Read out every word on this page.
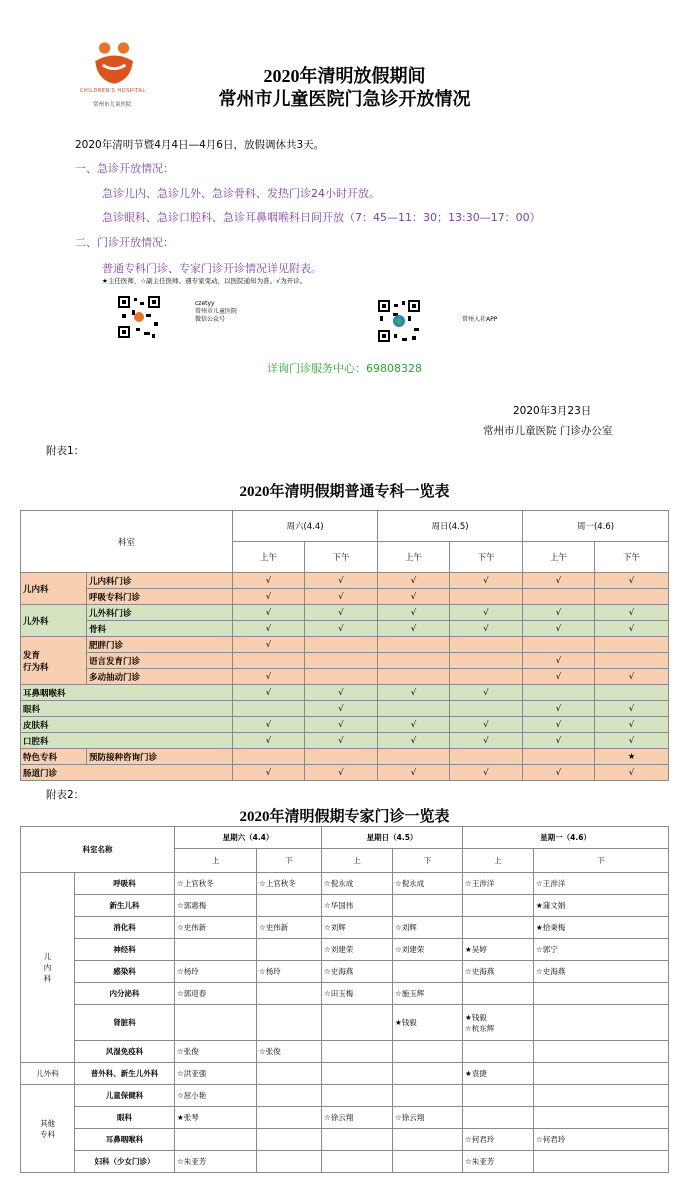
CHILDREN'S HOSPITAL
常州市儿童医院
2020年清明放假期间
常州市儿童医院门急诊开放情况
2020年清明节暨4月4日—4月6日，放假调休共3天。
一、急诊开放情况：
急诊儿内、急诊儿外、急诊骨科、发热门诊24小时开放。
急诊眼科、急诊口腔科、急诊耳鼻咽喉科日间开放（7：45—11：30；13:30—17：00）
二、门诊开放情况：
普通专科门诊、专家门诊开诊情况详见附表。
★主任医师，☆副主任医师。遇专家变动，以医院通知为准。√为开诊。
czetyy
常州市儿童医院
微信公众号	常州人社APP
详询门诊服务中心：69808328
2020年3月23日
常州市儿童医院 门诊办公室
附表1：
2020年清明假期普通专科一览表
科室		周六(4.4)		周日(4.5)		周一(4.6)	
		上午	下午	上午	下午	上午	下午
儿内科	儿内科门诊	√	√	√	√	√	√
	呼吸专科门诊	√	√	√			
儿外科	儿外科门诊	√	√	√	√	√	√
	骨科	√	√	√	√	√	√
发育
行为科	肥胖门诊	√					
	语言发育门诊					√	
	多动抽动门诊	√				√	√
耳鼻咽喉科		√	√	√	√		
眼科			√			√	√
皮肤科		√	√	√	√	√	√
口腔科		√	√	√	√	√	√
特色专科	预防接种咨询门诊						★
肠道门诊		√	√	√	√	√	√
附表2：
2020年清明假期专家门诊一览表
科室名称		星期六（4.4）		星期日（4.5）		星期一（4.6）	
		上	下	上	下	上	下
儿
内
科	呼吸科	☆上官秋冬	☆上官秋冬	☆倪永成	☆倪永成	☆王涉洋	☆王涉洋
	新生儿科	☆郭惠梅		☆华国伟			★蒲文娟
	消化科	☆史伟新	☆史伟新	☆刘辉	☆刘辉		★拾秉梅
	神经科			☆刘建荣	☆刘建荣	★吴婷	☆郭宁
	感染科	☆杨玲	☆杨玲	☆史海燕		☆史海燕	☆史海燕
	内分泌科	☆郭迎春		☆田玉梅	☆施玉辉		
	肾脏科				★钱毅	★钱毅
☆杭东辉	
	风湿免疫科	☆张俊	☆张俊				
儿外科	普外科、新生儿外科	☆洪亚强				★袁捷	
其他
专科	儿童保健科	☆屈小艳					
	眼科	★张琴		☆徐云翔	☆徐云翔		
	耳鼻咽喉科					☆何君玲	☆何君玲
	妇科（少女门诊）	☆朱亚芳				☆朱亚芳	
